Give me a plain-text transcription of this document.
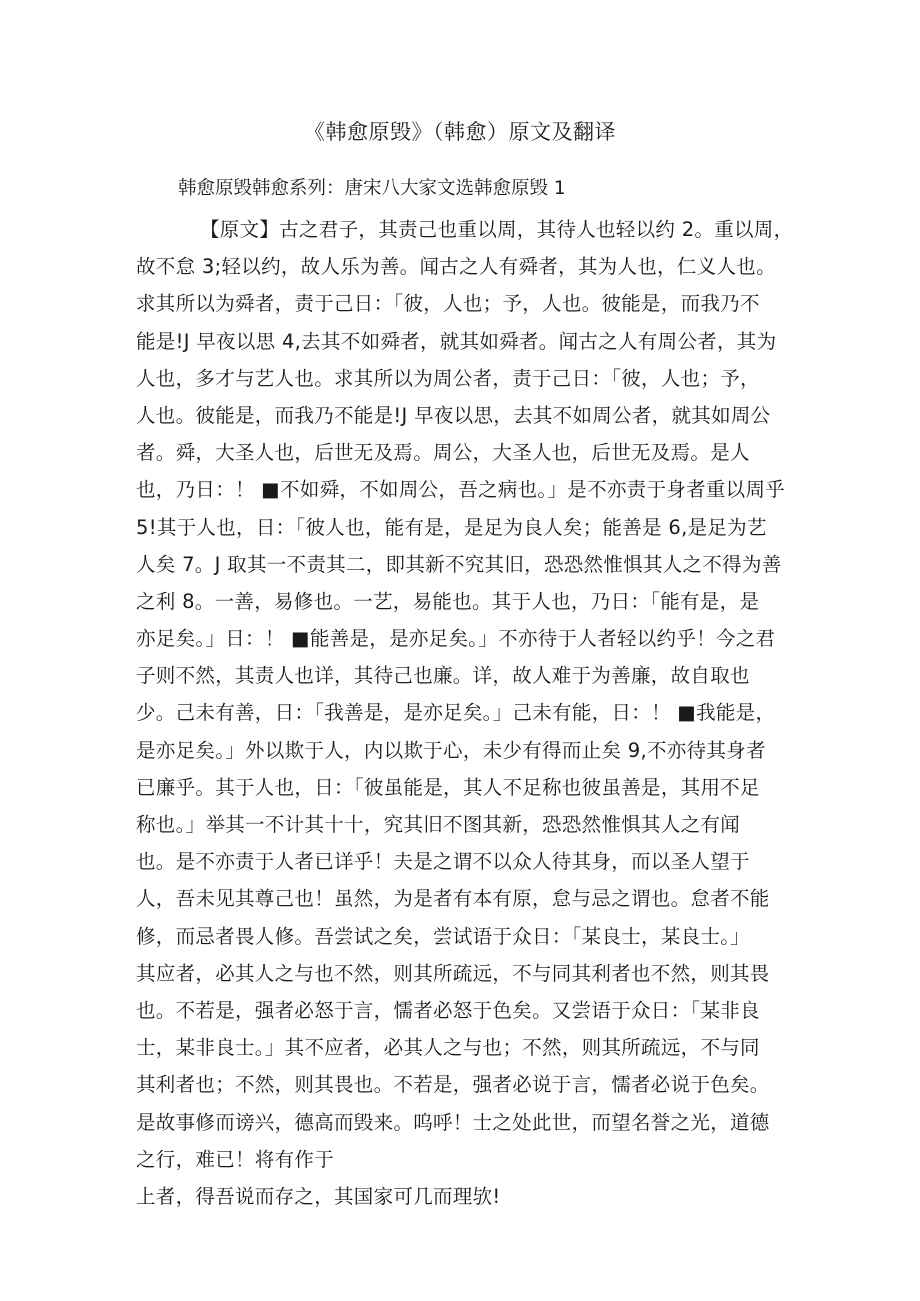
《韩愈原毁》（韩愈）原文及翻译
韩愈原毁韩愈系列：唐宋八大家文选韩愈原毁 1
【原文】古之君子，其责己也重以周，其待人也轻以约 2。重以周，
故不怠 3;轻以约，故人乐为善。闻古之人有舜者，其为人也，仁义人也。
求其所以为舜者，责于己日：「彼，人也；予，人也。彼能是，而我乃不
能是!J 早夜以思 4,去其不如舜者，就其如舜者。闻古之人有周公者，其为
人也，多才与艺人也。求其所以为周公者，责于己日：「彼，人也；予，
人也。彼能是，而我乃不能是!J 早夜以思，去其不如周公者，就其如周公
者。舜，大圣人也，后世无及焉。周公，大圣人也，后世无及焉。是人
也，乃日：！ ■不如舜，不如周公，吾之病也。」是不亦责于身者重以周乎
5!其于人也，日：「彼人也，能有是，是足为良人矣；能善是 6,是足为艺
人矣 7。J 取其一不责其二，即其新不究其旧，恐恐然惟惧其人之不得为善
之利 8。一善，易修也。一艺，易能也。其于人也，乃日：「能有是，是
亦足矣。」日：！ ■能善是，是亦足矣。」不亦待于人者轻以约乎！今之君
子则不然，其责人也详，其待己也廉。详，故人难于为善廉，故自取也
少。己未有善，日：「我善是，是亦足矣。」己未有能，日：！ ■我能是，
是亦足矣。」外以欺于人，内以欺于心，未少有得而止矣 9,不亦待其身者
已廉乎。其于人也，日：「彼虽能是，其人不足称也彼虽善是，其用不足
称也。」举其一不计其十十，究其旧不图其新，恐恐然惟惧其人之有闻
也。是不亦责于人者已详乎！夫是之谓不以众人待其身，而以圣人望于
人，吾未见其尊己也！虽然，为是者有本有原，怠与忌之谓也。怠者不能
修，而忌者畏人修。吾尝试之矣，尝试语于众日：「某良士，某良士。」
其应者，必其人之与也不然，则其所疏远，不与同其利者也不然，则其畏
也。不若是，强者必怒于言，懦者必怒于色矣。又尝语于众日：「某非良
士，某非良士。」其不应者，必其人之与也；不然，则其所疏远，不与同
其利者也；不然，则其畏也。不若是，强者必说于言，懦者必说于色矣。
是故事修而谤兴，德高而毁来。呜呼！士之处此世，而望名誉之光，道德
之行，难已！将有作于
上者，得吾说而存之，其国家可几而理欤!
